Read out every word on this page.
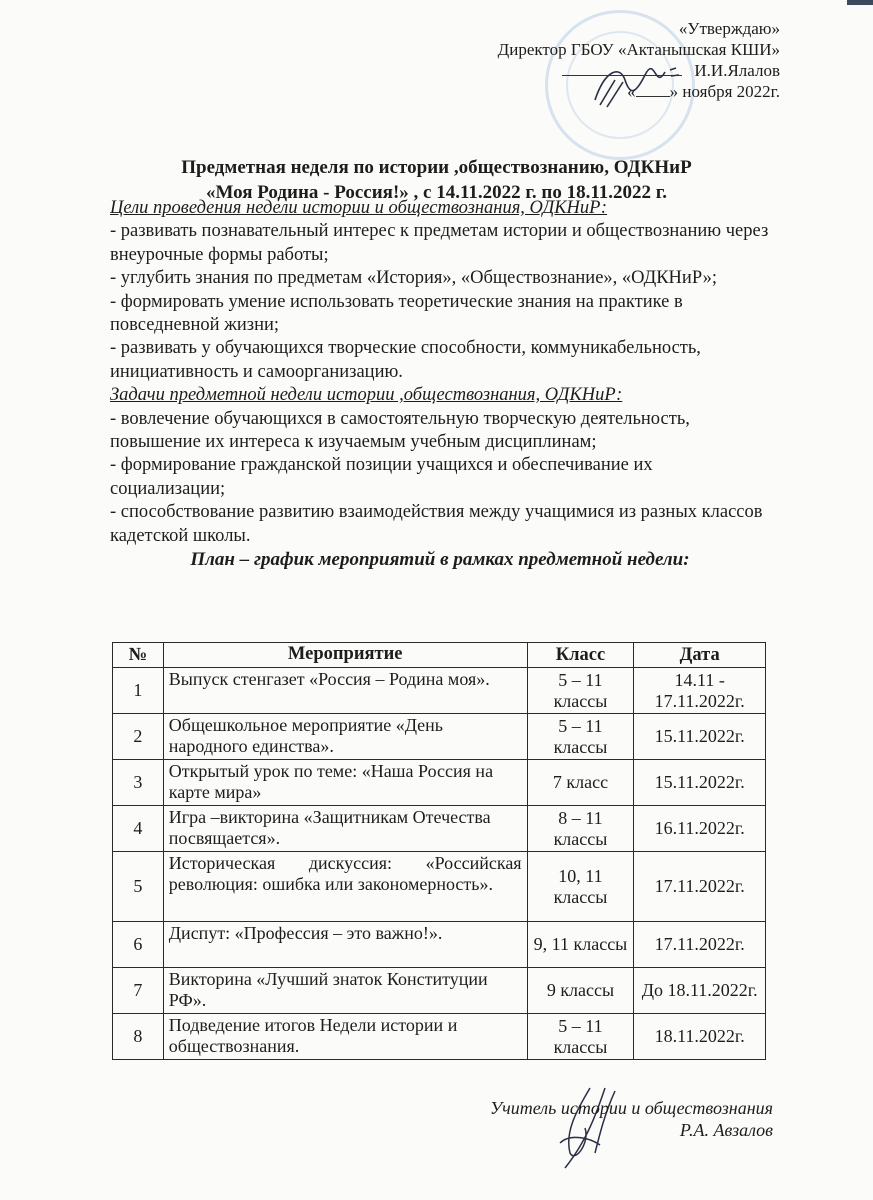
«Утверждаю»
Директор ГБОУ «Актанышская КШИ»
И.И.Ялалов
« » ноября 2022г.
Предметная неделя по истории ,обществознанию, ОДКНиР
«Моя Родина - Россия!» , с 14.11.2022 г. по 18.11.2022 г.

Цели проведения недели истории и обществознания, ОДКНиР:

- развивать познавательный интерес к предметам истории и обществознанию через внеурочные формы работы;

- углубить знания по предметам «История», «Обществознание», «ОДКНиР»;

- формировать умение использовать теоретические знания на практике в повседневной жизни;

- развивать у обучающихся творческие способности, коммуникабельность, инициативность и самоорганизацию.

Задачи предметной недели истории ,обществознания, ОДКНиР:

- вовлечение обучающихся в самостоятельную творческую деятельность, повышение их интереса к изучаемым учебным дисциплинам;

- формирование гражданской позиции учащихся и обеспечивание их социализации;

- способствование развитию взаимодействия между учащимися из разных классов кадетской школы.

План – график мероприятий в рамках предметной недели:

№	Мероприятие	Класс	Дата
1	Выпуск стенгазет «Россия – Родина моя».	5 – 11 классы	14.11 - 17.11.2022г.
2	Общешкольное мероприятие «День народного единства».	5 – 11 классы	15.11.2022г.
3	Открытый урок по теме: «Наша Россия на карте мира»	7 класс	15.11.2022г.
4	Игра –викторина «Защитникам Отечества посвящается».	8 – 11 классы	16.11.2022г.
5	Историческая дискуссия: «Российская революция: ошибка или закономерность».	10, 11 классы	17.11.2022г.
6	Диспут: «Профессия – это важно!».	9, 11 классы	17.11.2022г.
7	Викторина «Лучший знаток Конституции РФ».	9 классы	До 18.11.2022г.
8	Подведение итогов Недели истории и обществознания.	5 – 11 классы	18.11.2022г.
Учитель истории и обществознания
Р.А. Авзалов
